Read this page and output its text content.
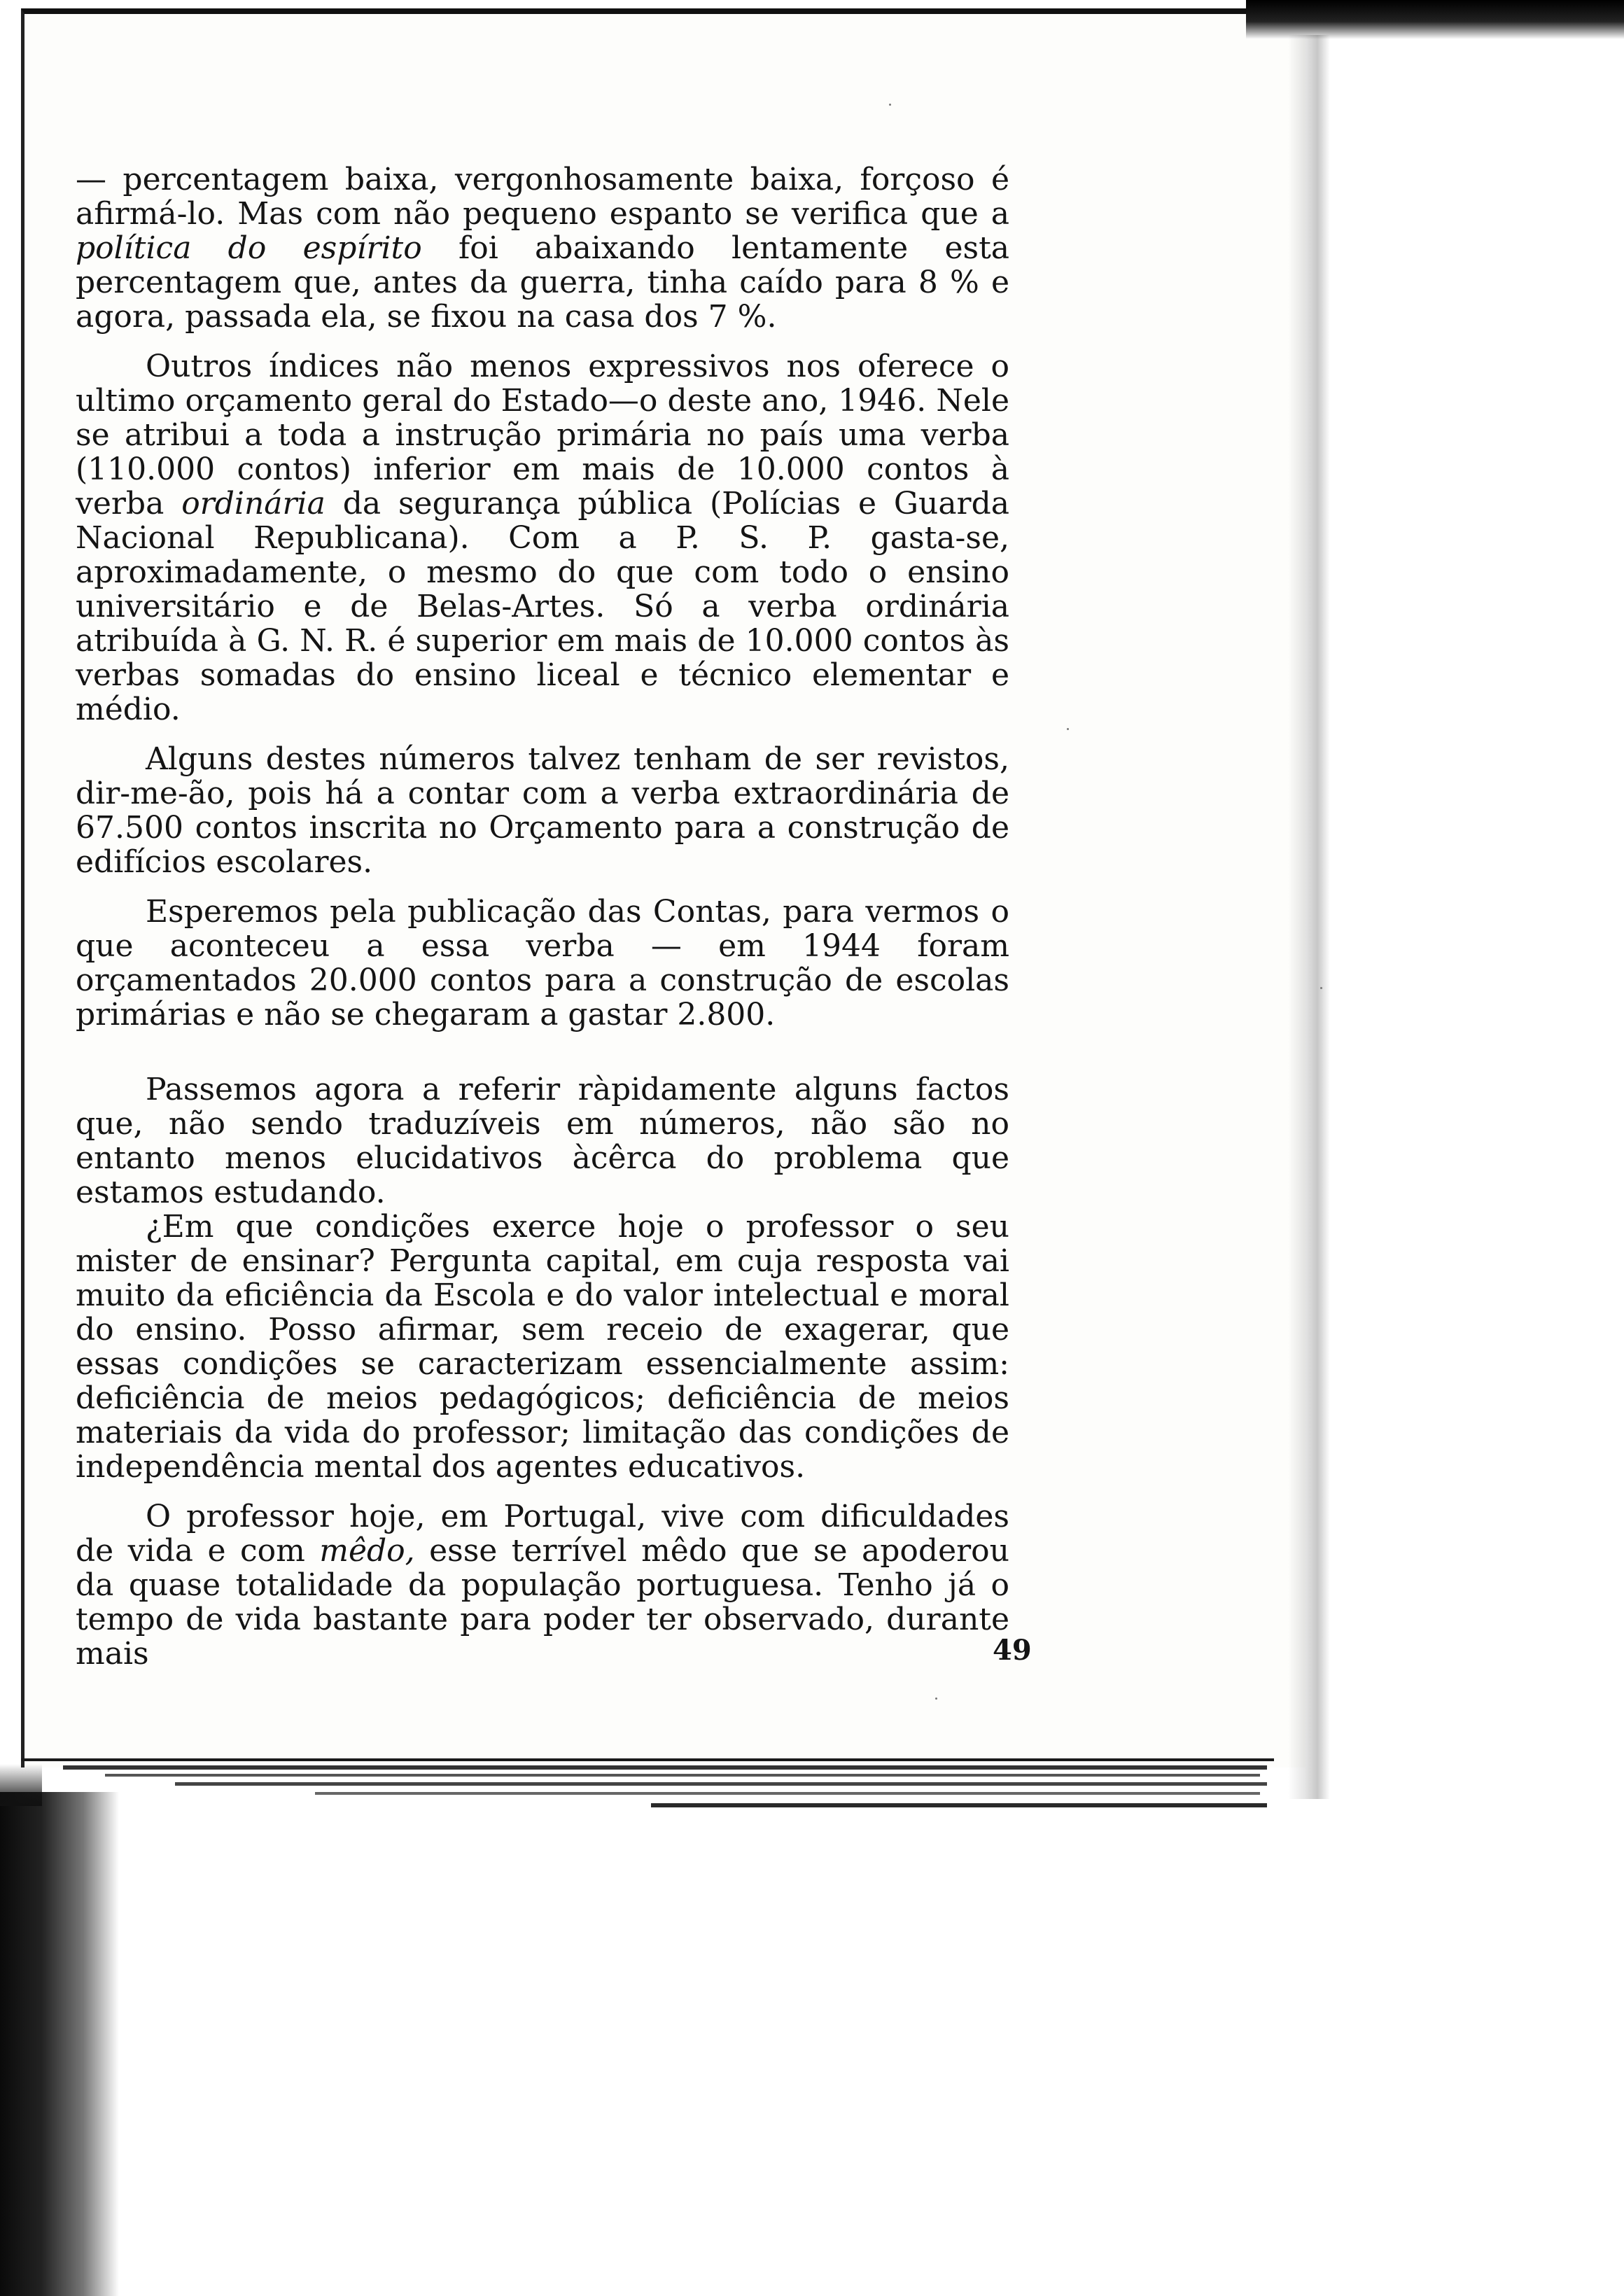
— percentagem baixa, vergonhosamente baixa, forçoso é afirmá-lo. Mas com não pequeno espanto se verifica que a política do espírito foi abaixando lentamente esta percentagem que, antes da guerra, tinha caído para 8 % e agora, passada ela, se fixou na casa dos 7 %.

Outros índices não menos expressivos nos oferece o ultimo orçamento geral do Estado—o deste ano, 1946. Nele se atribui a toda a instrução primária no país uma verba (110.000 contos) inferior em mais de 10.000 contos à verba ordinária da segurança pública (Polícias e Guarda Nacional Republicana). Com a P. S. P. gasta-se, aproximadamente, o mesmo do que com todo o ensino universitário e de Belas-Artes. Só a verba ordinária atribuída à G. N. R. é superior em mais de 10.000 contos às verbas somadas do ensino liceal e técnico elementar e médio.

Alguns destes números talvez tenham de ser revistos, dir-me-ão, pois há a contar com a verba extraordinária de 67.500 contos inscrita no Orçamento para a construção de edifícios escolares.

Esperemos pela publicação das Contas, para vermos o que aconteceu a essa verba — em 1944 foram orçamentados 20.000 contos para a construção de escolas primárias e não se chegaram a gastar 2.800.

Passemos agora a referir ràpidamente alguns factos que, não sendo traduzíveis em números, não são no entanto menos elucidativos àcêrca do problema que estamos estudando.

¿Em que condições exerce hoje o professor o seu mister de ensinar? Pergunta capital, em cuja resposta vai muito da eficiência da Escola e do valor intelectual e moral do ensino. Posso afirmar, sem receio de exagerar, que essas condições se caracterizam essencialmente assim: deficiência de meios pedagógicos; deficiência de meios materiais da vida do professor; limitação das condições de independência mental dos agentes educativos.

O professor hoje, em Portugal, vive com dificuldades de vida e com mêdo, esse terrível mêdo que se apoderou da quase totalidade da população portuguesa. Tenho já o tempo de vida bastante para poder ter observado, durante mais	49
